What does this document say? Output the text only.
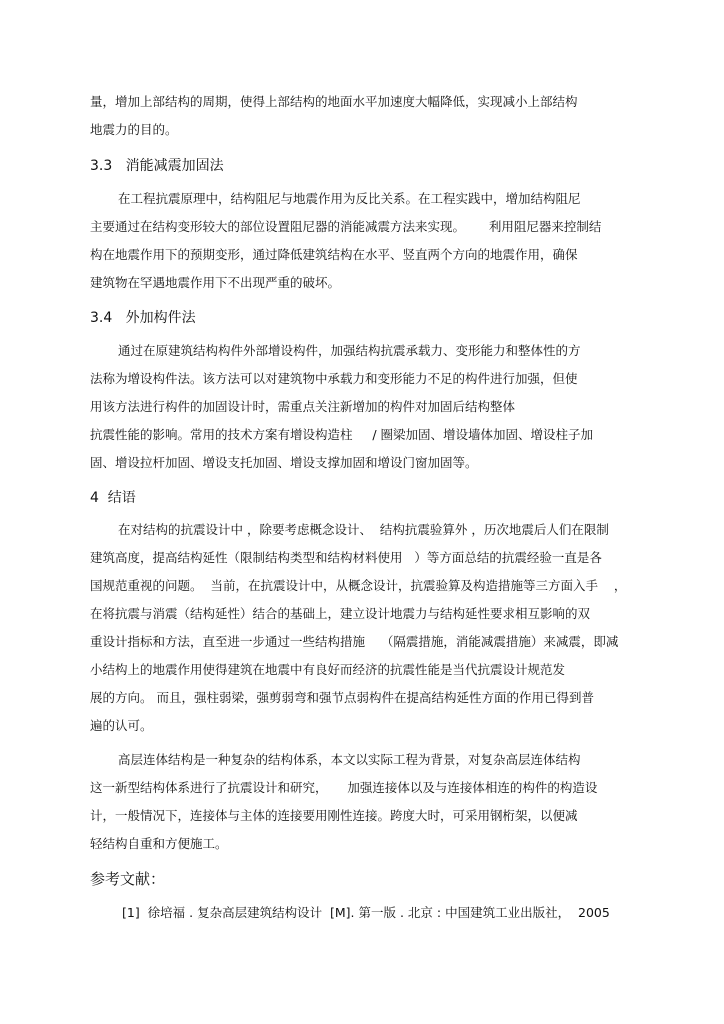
量，增加上部结构的周期，使得上部结构的地面水平加速度大幅降低，实现减小上部结构
地震力的目的。
3.3   消能减震加固法
在工程抗震原理中，结构阻尼与地震作用为反比关系。在工程实践中，增加结构阻尼
主要通过在结构变形较大的部位设置阻尼器的消能减震方法来实现。      利用阻尼器来控制结
构在地震作用下的预期变形，通过降低建筑结构在水平、竖直两个方向的地震作用，确保
建筑物在罕遇地震作用下不出现严重的破坏。
3.4   外加构件法
通过在原建筑结构构件外部增设构件，加强结构抗震承载力、变形能力和整体性的方
法称为增设构件法。该方法可以对建筑物中承载力和变形能力不足的构件进行加强，但使
用该方法进行构件的加固设计时，需重点关注新增加的构件对加固后结构整体
抗震性能的影响。常用的技术方案有增设构造柱     / 圈梁加固、增设墙体加固、增设柱子加
固、增设拉杆加固、增设支托加固、增设支撑加固和增设门窗加固等。
4  结语
在对结构的抗震设计中 ，除要考虑概念设计、  结构抗震验算外 ，历次地震后人们在限制
建筑高度，提高结构延性（限制结构类型和结构材料使用   ）等方面总结的抗震经验一直是各
国规范重视的问题。  当前，在抗震设计中，从概念设计，抗震验算及构造措施等三方面入手    ，
在将抗震与消震（结构延性）结合的基础上，建立设计地震力与结构延性要求相互影响的双
重设计指标和方法，直至进一步通过一些结构措施    （隔震措施，消能减震措施）来减震，即减
小结构上的地震作用使得建筑在地震中有良好而经济的抗震性能是当代抗震设计规范发
展的方向。 而且，强柱弱梁，强剪弱弯和强节点弱构件在提高结构延性方面的作用已得到普
遍的认可。
高层连体结构是一种复杂的结构体系，本文以实际工程为背景，对复杂高层连体结构
这一新型结构体系进行了抗震设计和研究，     加强连接体以及与连接体相连的构件的构造设
计，一般情况下，连接体与主体的连接要用刚性连接。跨度大时，可采用钢桁架，以便减
轻结构自重和方便施工。
参考文献：
[1]  徐培福 . 复杂高层建筑结构设计  [M]. 第一版 . 北京 : 中国建筑工业出版社，  2005
